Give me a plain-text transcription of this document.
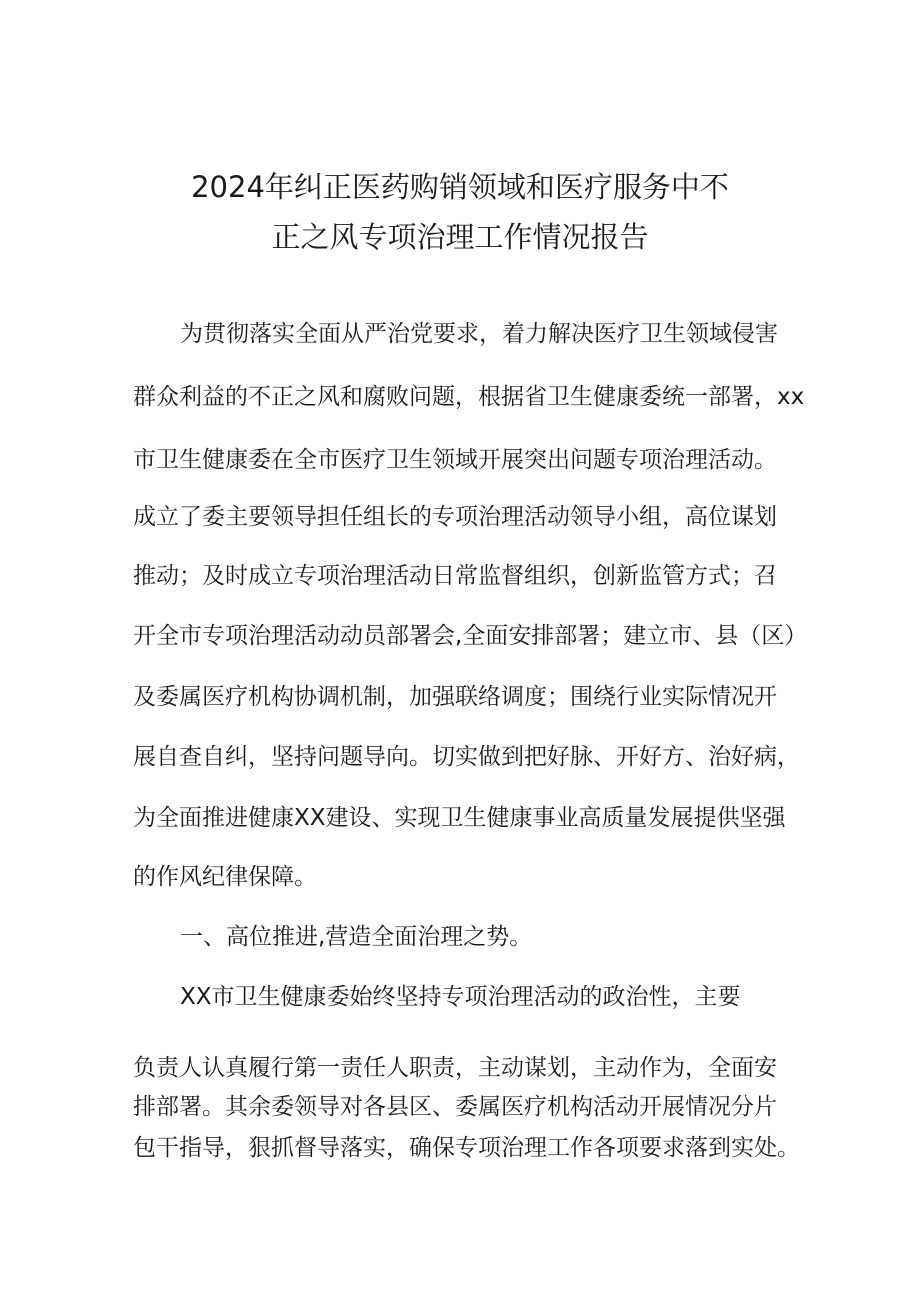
2024年纠正医药购销领域和医疗服务中不
正之风专项治理工作情况报告

为贯彻落实全面从严治党要求，着力解决医疗卫生领域侵害

群众利益的不正之风和腐败问题，根据省卫生健康委统一部署，xx

市卫生健康委在全市医疗卫生领域开展突出问题专项治理活动。

成立了委主要领导担任组长的专项治理活动领导小组，高位谋划

推动；及时成立专项治理活动日常监督组织，创新监管方式；召

开全市专项治理活动动员部署会,全面安排部署；建立市、县（区）

及委属医疗机构协调机制，加强联络调度；围绕行业实际情况开

展自查自纠，坚持问题导向。切实做到把好脉、开好方、治好病，

为全面推进健康XX建设、实现卫生健康事业高质量发展提供坚强

的作风纪律保障。

一、高位推进,营造全面治理之势。

XX市卫生健康委始终坚持专项治理活动的政治性，主要

负责人认真履行第一责任人职责，主动谋划，主动作为，全面安

排部署。其余委领导对各县区、委属医疗机构活动开展情况分片

包干指导，狠抓督导落实，确保专项治理工作各项要求落到实处。
